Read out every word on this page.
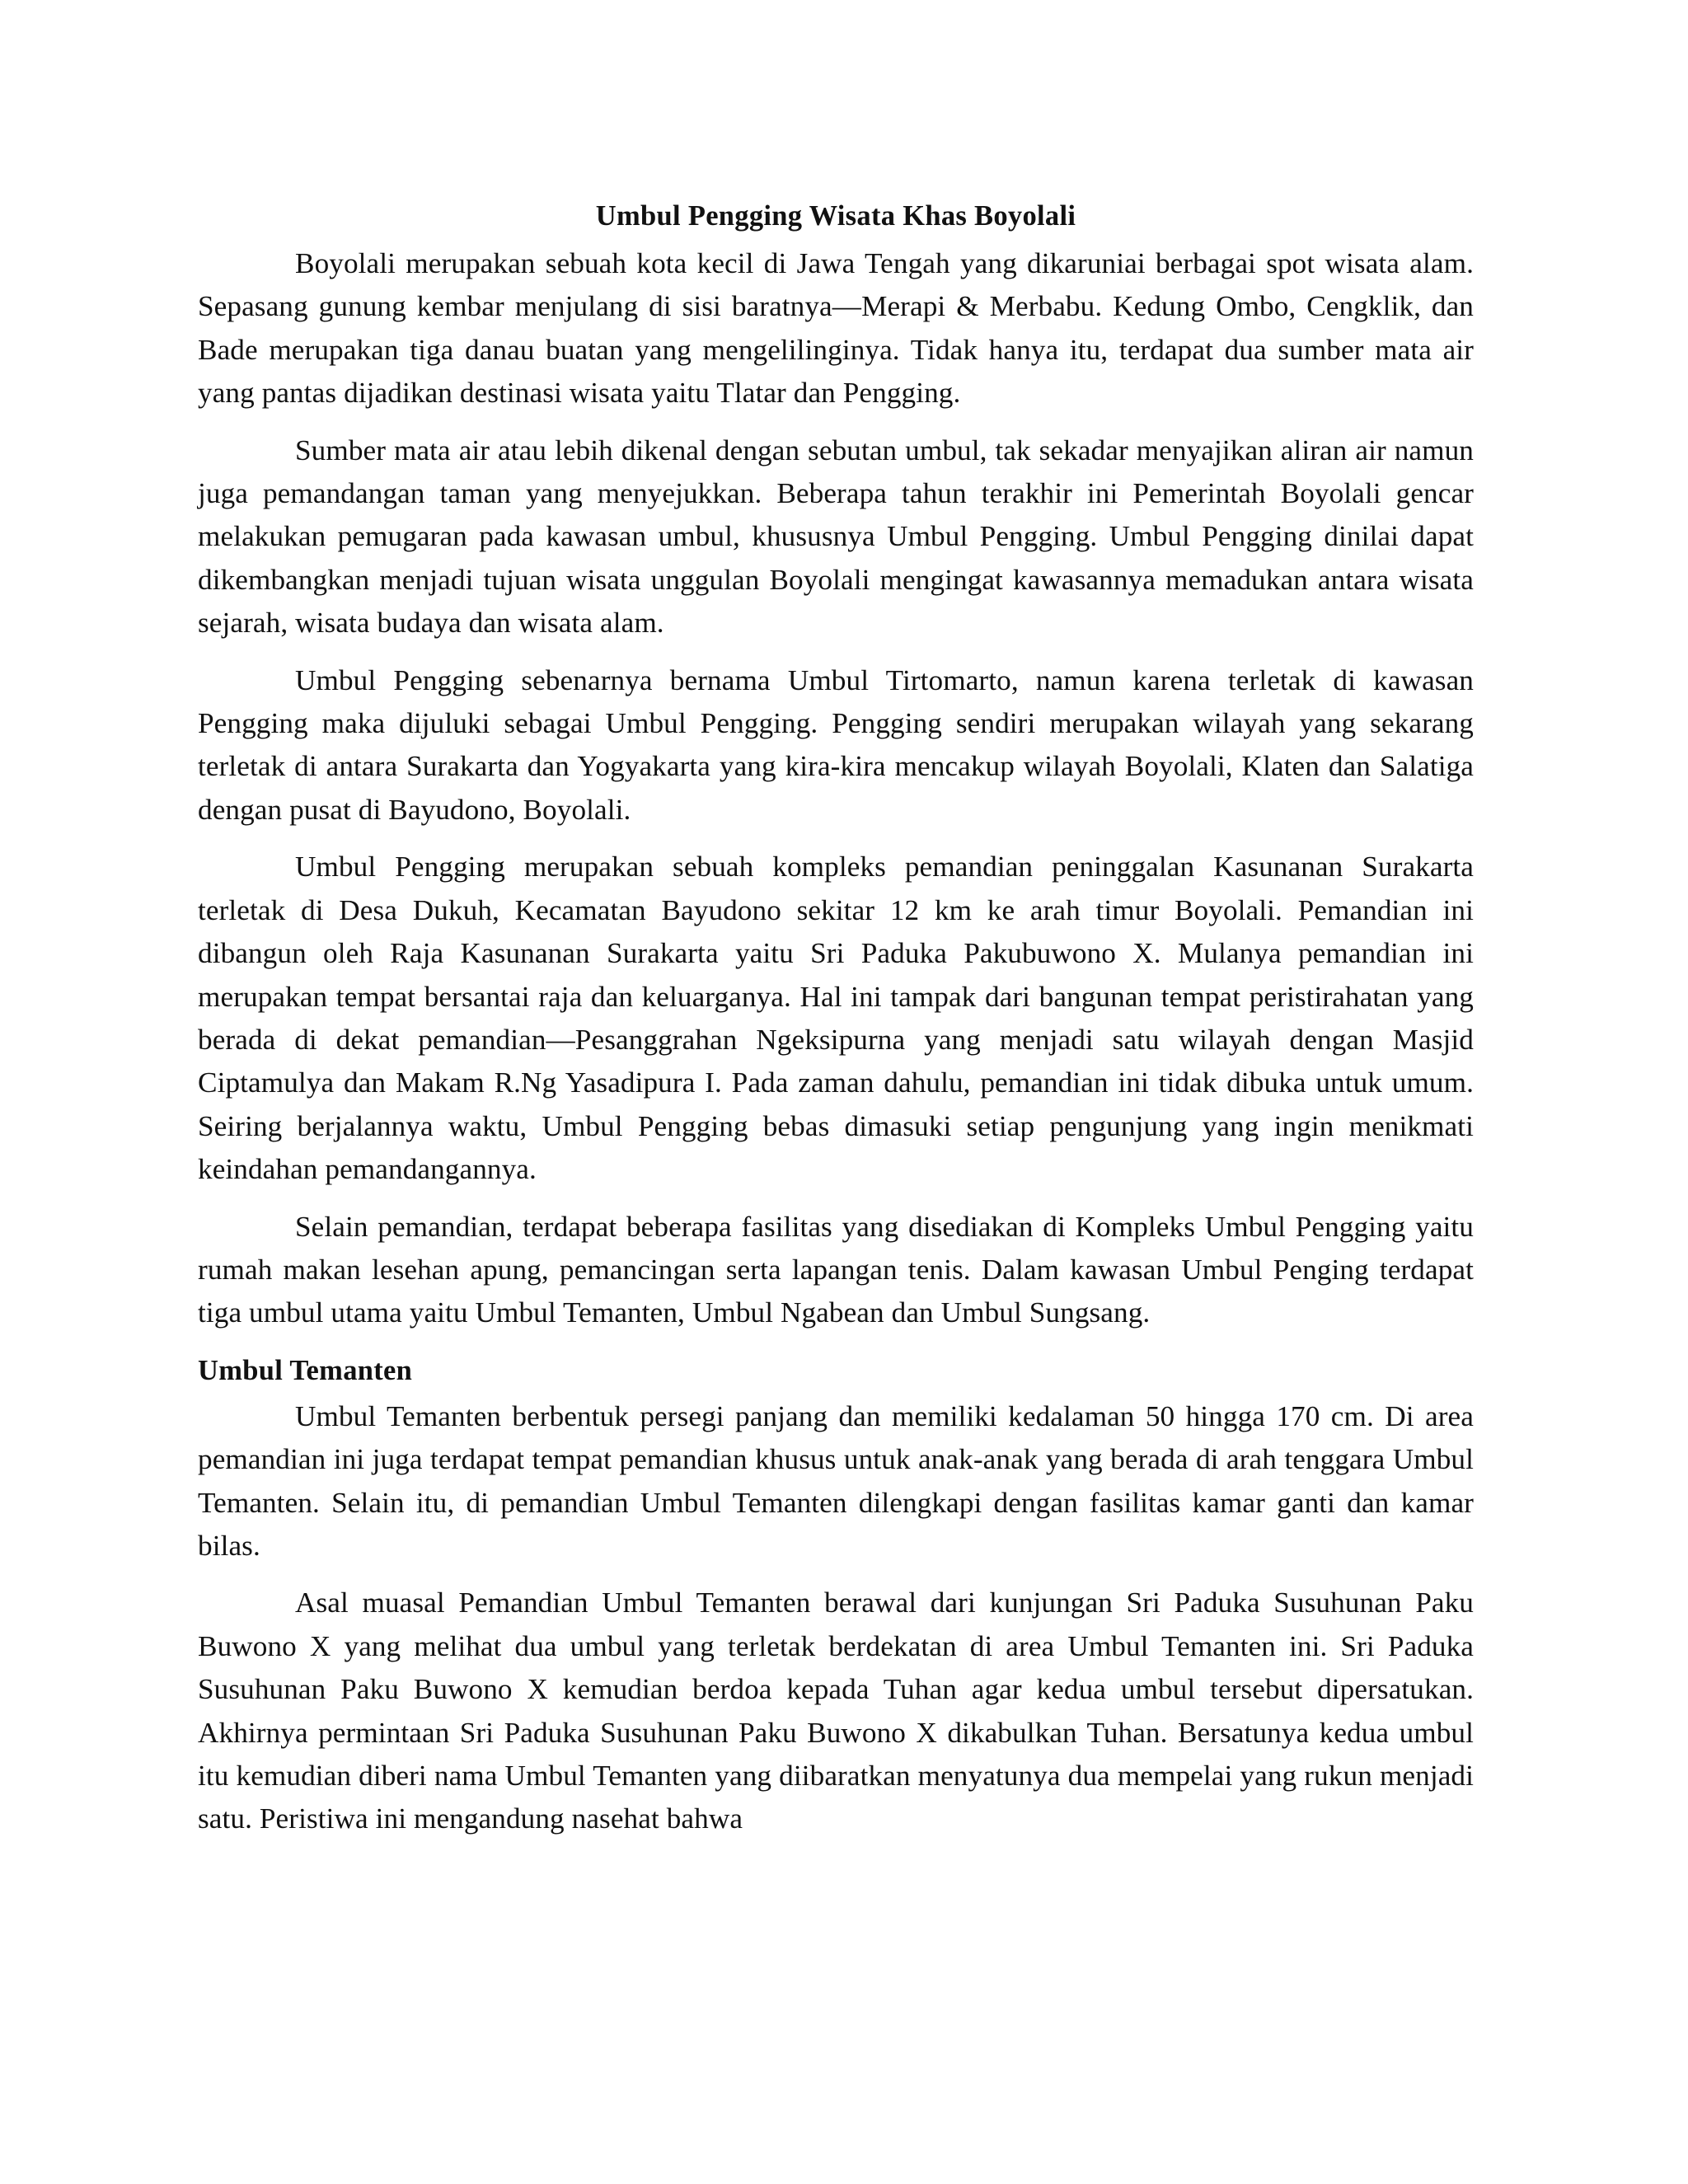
Umbul Pengging Wisata Khas Boyolali

Boyolali merupakan sebuah kota kecil di Jawa Tengah yang dikaruniai berbagai spot wisata alam. Sepasang gunung kembar menjulang di sisi baratnya—Merapi & Merbabu. Kedung Ombo, Cengklik, dan Bade merupakan tiga danau buatan yang mengelilinginya. Tidak hanya itu, terdapat dua sumber mata air yang pantas dijadikan destinasi wisata yaitu Tlatar dan Pengging.

Sumber mata air atau lebih dikenal dengan sebutan umbul, tak sekadar menyajikan aliran air namun juga pemandangan taman yang menyejukkan. Beberapa tahun terakhir ini Pemerintah Boyolali gencar melakukan pemugaran pada kawasan umbul, khususnya Umbul Pengging. Umbul Pengging dinilai dapat dikembangkan menjadi tujuan wisata unggulan Boyolali mengingat kawasannya memadukan antara wisata sejarah, wisata budaya dan wisata alam.

Umbul Pengging sebenarnya bernama Umbul Tirtomarto, namun karena terletak di kawasan Pengging maka dijuluki sebagai Umbul Pengging. Pengging sendiri merupakan wilayah yang sekarang terletak di antara Surakarta dan Yogyakarta yang kira-kira mencakup wilayah Boyolali, Klaten dan Salatiga dengan pusat di Bayudono, Boyolali.

Umbul Pengging merupakan sebuah kompleks pemandian peninggalan Kasunanan Surakarta terletak di Desa Dukuh, Kecamatan Bayudono sekitar 12 km ke arah timur Boyolali. Pemandian ini dibangun oleh Raja Kasunanan Surakarta yaitu Sri Paduka Pakubuwono X. Mulanya pemandian ini merupakan tempat bersantai raja dan keluarganya. Hal ini tampak dari bangunan tempat peristirahatan yang berada di dekat pemandian—Pesanggrahan Ngeksipurna yang menjadi satu wilayah dengan Masjid Ciptamulya dan Makam R.Ng Yasadipura I. Pada zaman dahulu, pemandian ini tidak dibuka untuk umum. Seiring berjalannya waktu, Umbul Pengging bebas dimasuki setiap pengunjung yang ingin menikmati keindahan pemandangannya.

Selain pemandian, terdapat beberapa fasilitas yang disediakan di Kompleks Umbul Pengging yaitu rumah makan lesehan apung, pemancingan serta lapangan tenis. Dalam kawasan Umbul Penging terdapat tiga umbul utama yaitu Umbul Temanten, Umbul Ngabean dan Umbul Sungsang.

Umbul Temanten

Umbul Temanten berbentuk persegi panjang dan memiliki kedalaman 50 hingga 170 cm. Di area pemandian ini juga terdapat tempat pemandian khusus untuk anak-anak yang berada di arah tenggara Umbul Temanten. Selain itu, di pemandian Umbul Temanten dilengkapi dengan fasilitas kamar ganti dan kamar bilas.

Asal muasal Pemandian Umbul Temanten berawal dari kunjungan Sri Paduka Susuhunan Paku Buwono X yang melihat dua umbul yang terletak berdekatan di area Umbul Temanten ini. Sri Paduka Susuhunan Paku Buwono X kemudian berdoa kepada Tuhan agar kedua umbul tersebut dipersatukan. Akhirnya permintaan Sri Paduka Susuhunan Paku Buwono X dikabulkan Tuhan. Bersatunya kedua umbul itu kemudian diberi nama Umbul Temanten yang diibaratkan menyatunya dua mempelai yang rukun menjadi satu. Peristiwa ini mengandung nasehat bahwa
